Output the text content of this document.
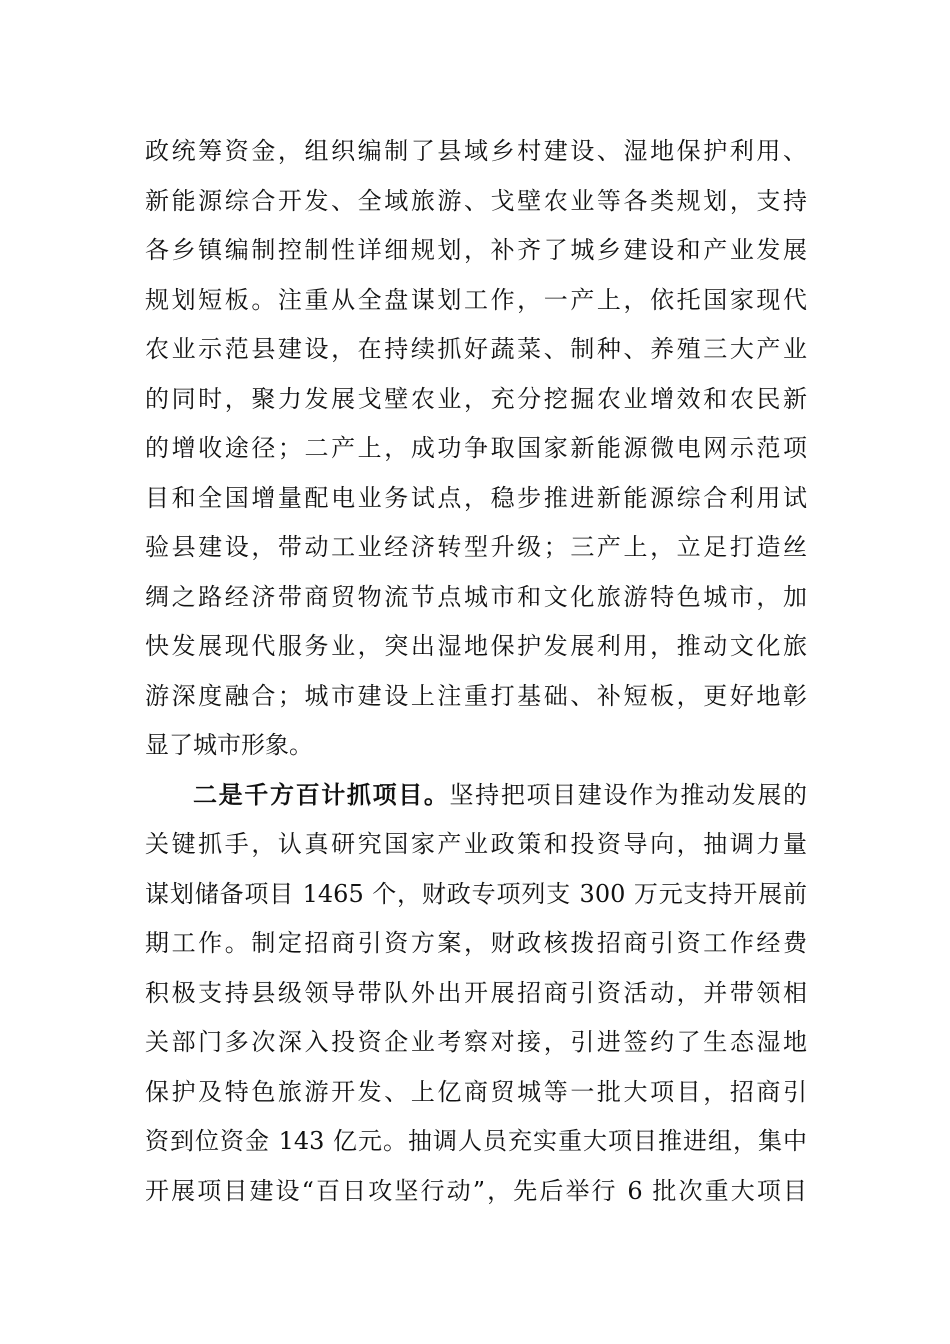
政统筹资金，组织编制了县域乡村建设、湿地保护利用、
新能源综合开发、全域旅游、戈壁农业等各类规划，支持
各乡镇编制控制性详细规划，补齐了城乡建设和产业发展
规划短板。注重从全盘谋划工作，一产上，依托国家现代
农业示范县建设，在持续抓好蔬菜、制种、养殖三大产业
的同时，聚力发展戈壁农业，充分挖掘农业增效和农民新
的增收途径；二产上，成功争取国家新能源微电网示范项
目和全国增量配电业务试点，稳步推进新能源综合利用试
验县建设，带动工业经济转型升级；三产上，立足打造丝
绸之路经济带商贸物流节点城市和文化旅游特色城市，加
快发展现代服务业，突出湿地保护发展利用，推动文化旅
游深度融合；城市建设上注重打基础、补短板，更好地彰
显了城市形象。
二是千方百计抓项目。坚持把项目建设作为推动发展的
关键抓手，认真研究国家产业政策和投资导向，抽调力量
谋划储备项目 1465 个，财政专项列支 300 万元支持开展前
期工作。制定招商引资方案，财政核拨招商引资工作经费
积极支持县级领导带队外出开展招商引资活动，并带领相
关部门多次深入投资企业考察对接，引进签约了生态湿地
保护及特色旅游开发、上亿商贸城等一批大项目，招商引
资到位资金 143 亿元。抽调人员充实重大项目推进组，集中
开展项目建设“百日攻坚行动”，先后举行 6 批次重大项目
